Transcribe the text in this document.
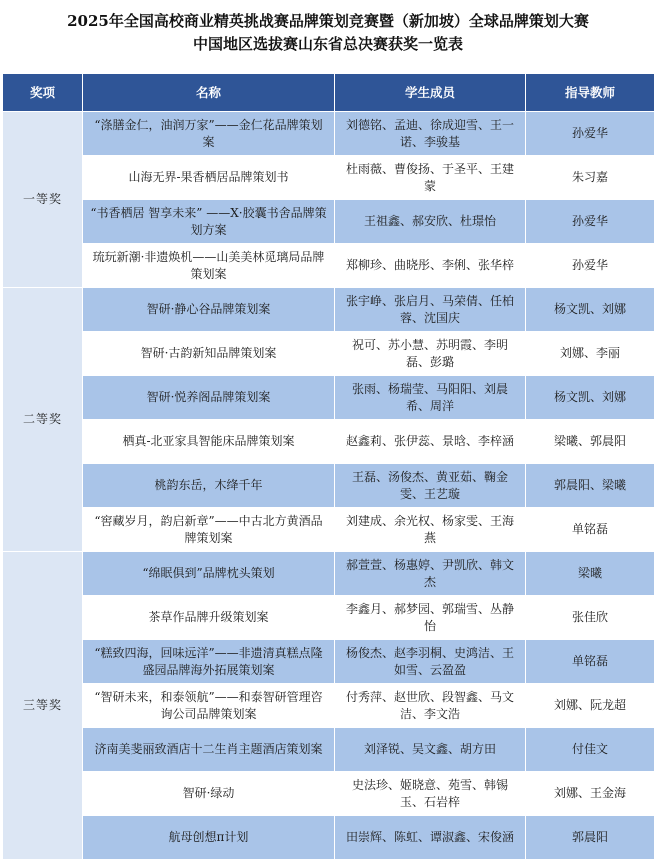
2025年全国高校商业精英挑战赛品牌策划竞赛暨（新加坡）全球品牌策划大赛
中国地区选拔赛山东省总决赛获奖一览表
奖项	名称	学生成员	指导教师
一等奖	“涤膳金仁，油润万家”——金仁花品牌策划案	刘德铭、孟迪、徐成迎雪、王一诺、李骏基	孙爱华
	山海无界-果香栖居品牌策划书	杜雨薇、曹俊扬、于圣平、王建蒙	朱习嘉
	“书香栖居 智享未来” ——X·胶囊书舍品牌策划方案	王祖鑫、郝安欣、杜璟怡	孙爱华
	琉玩新潮·非遗焕机——山美美林觅璃局品牌策划案	郑柳珍、曲晓彤、李俐、张华梓	孙爱华
二等奖	智研·静心谷品牌策划案	张宇峥、张启月、马荣倩、任柏蓉、沈国庆	杨文凯、刘娜
	智研·古韵新知品牌策划案	祝可、苏小慧、苏明霞、李明磊、彭璐	刘娜、李丽
	智研·悦养阁品牌策划案	张雨、杨瑞莹、马阳阳、刘晨希、周洋	杨文凯、刘娜
	栖真-北亚家具智能床品牌策划案	赵鑫莉、张伊蕊、景晗、李梓涵	梁曦、郭晨阳
	桃韵东岳，木绛千年	王磊、汤俊杰、黄亚茹、鞠金雯、王艺璇	郭晨阳、梁曦
	“窖藏岁月，韵启新章”——中古北方黄酒品牌策划案	刘建成、余光权、杨家雯、王海燕	单铭磊
三等奖	“绵眠俱到”品牌枕头策划	郝萱萱、杨惠婷、尹凯欣、韩文杰	梁曦
	茶草作品牌升级策划案	李鑫月、郝梦园、郭瑞雪、丛静怡	张佳欣
	“糕致四海，回味远洋”——非遗清真糕点隆盛园品牌海外拓展策划案	杨俊杰、赵李羽桐、史鸿洁、王如雪、云盈盈	单铭磊
	“智研未来，和泰领航”——和泰智研管理咨询公司品牌策划案	付秀萍、赵世欣、段智鑫、马文洁、李文浩	刘娜、阮龙超
	济南美斐丽致酒店十二生肖主题酒店策划案	刘泽锐、吴文鑫、胡方田	付佳文
	智研·绿动	史法珍、姬晓意、苑雪、韩锡玉、石岩梓	刘娜、王金海
	航母创想π计划	田崇辉、陈虹、谭淑鑫、宋俊涵	郭晨阳
